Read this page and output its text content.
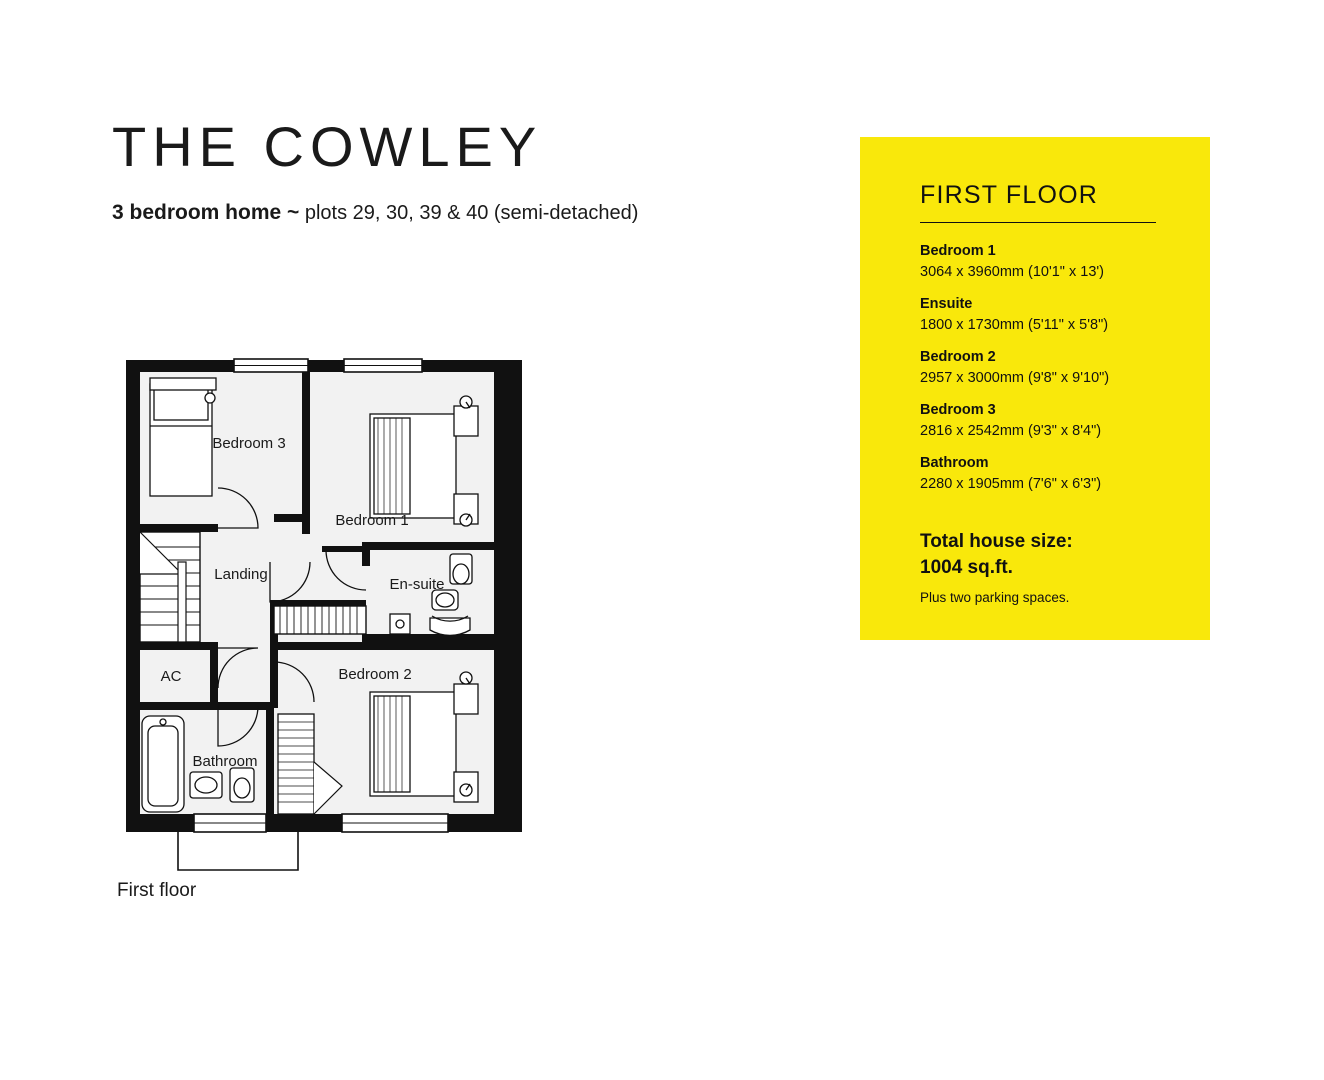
THE COWLEY
3 bedroom home ~ plots 29, 30, 39 & 40 (semi-detached)
Bedroom 3
Bedroom 1
Landing
En-suite
AC	Bedroom 2
Bathroom
First floor
FIRST FLOOR
Bedroom 1
3064 x 3960mm (10'1" x 13')
Ensuite
1800 x 1730mm (5'11" x 5'8")
Bedroom 2
2957 x 3000mm (9'8" x 9'10")
Bedroom 3
2816 x 2542mm (9'3" x 8'4")
Bathroom
2280 x 1905mm (7'6" x 6'3")
Total house size:
1004 sq.ft.
Plus two parking spaces.
